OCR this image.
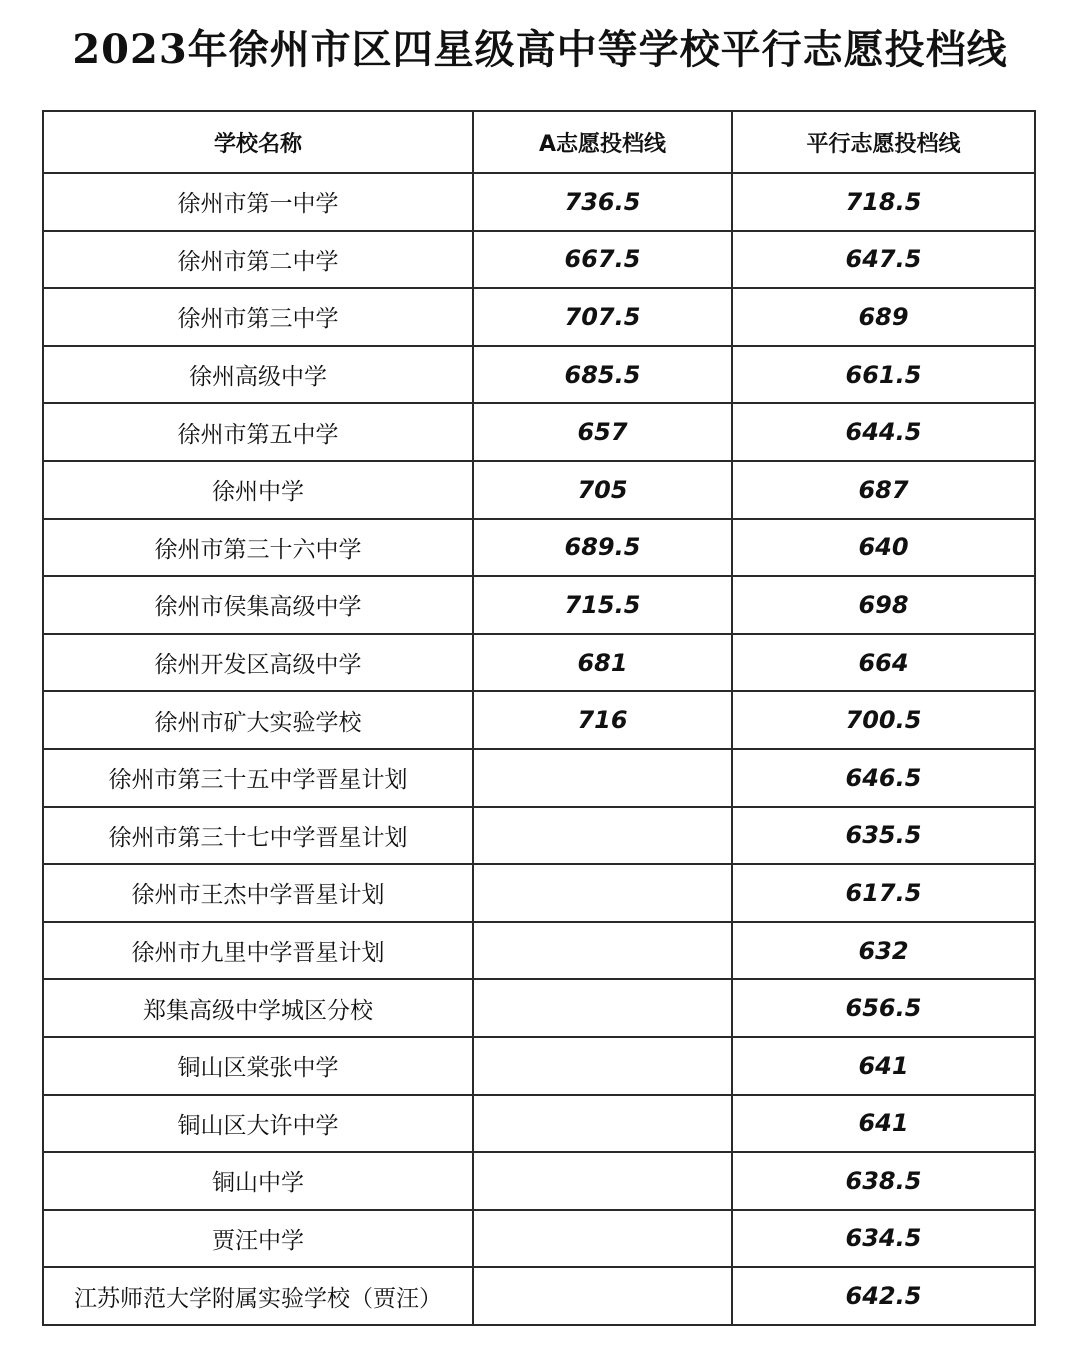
2023年徐州市区四星级高中等学校平行志愿投档线
学校名称	A志愿投档线	平行志愿投档线
徐州市第一中学	736.5	718.5
徐州市第二中学	667.5	647.5
徐州市第三中学	707.5	689
徐州高级中学	685.5	661.5
徐州市第五中学	657	644.5
徐州中学	705	687
徐州市第三十六中学	689.5	640
徐州市侯集高级中学	715.5	698
徐州开发区高级中学	681	664
徐州市矿大实验学校	716	700.5
徐州市第三十五中学晋星计划		646.5
徐州市第三十七中学晋星计划		635.5
徐州市王杰中学晋星计划		617.5
徐州市九里中学晋星计划		632
郑集高级中学城区分校		656.5
铜山区棠张中学		641
铜山区大许中学		641
铜山中学		638.5
贾汪中学		634.5
江苏师范大学附属实验学校（贾汪）		642.5
